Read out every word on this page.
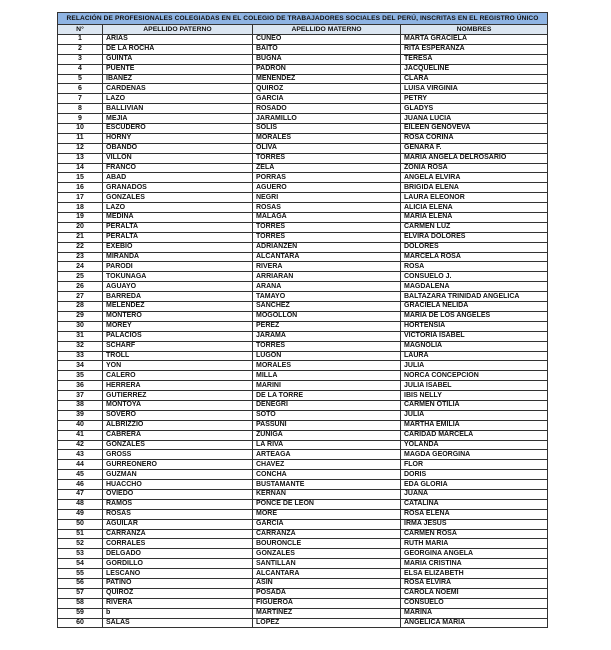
RELACIÓN DE PROFESIONALES COLEGIADAS EN EL COLEGIO DE TRABAJADORES SOCIALES DEL PERÚ, INSCRITAS EN EL REGISTRO ÚNICO			
N°	APELLIDO PATERNO	APELLIDO MATERNO	NOMBRES
1	ARIAS	CUNEO	MARTA GRACIELA
2	DE LA ROCHA	BAITO	RITA ESPERANZA
3	GUINTA	BUGNA	TERESA
4	PUENTE	PADRON	JACQUELINE
5	IBANEZ	MENENDEZ	CLARA
6	CARDENAS	QUIROZ	LUISA VIRGINIA
7	LAZO	GARCIA	PETRY
8	BALLIVIAN	ROSADO	GLADYS
9	MEJIA	JARAMILLO	JUANA LUCIA
10	ESCUDERO	SOLIS	EILEEN GENOVEVA
11	HORNY	MORALES	ROSA CORINA
12	OBANDO	OLIVA	GENARA F.
13	VILLON	TORRES	MARIA ANGELA DELROSARIO
14	FRANCO	ZELA	ZONIA ROSA
15	ABAD	PORRAS	ANGELA ELVIRA
16	GRANADOS	AGUERO	BRIGIDA ELENA
17	GONZALES	NEGRI	LAURA ELEONOR
18	LAZO	ROSAS	ALICIA ELENA
19	MEDINA	MALAGA	MARIA ELENA
20	PERALTA	TORRES	CARMEN LUZ
21	PERALTA	TORRES	ELVIRA DOLORES
22	EXEBIO	ADRIANZEN	DOLORES
23	MIRANDA	ALCANTARA	MARCELA ROSA
24	PARODI	RIVERA	ROSA
25	TOKUNAGA	ARRIARAN	CONSUELO J.
26	AGUAYO	ARANA	MAGDALENA
27	BARREDA	TAMAYO	BALTAZARA TRINIDAD ANGELICA
28	MELENDEZ	SANCHEZ	GRACIELA NELIDA
29	MONTERO	MOGOLLON	MARIA DE LOS ANGELES
30	MOREY	PEREZ	HORTENSIA
31	PALACIOS	JARAMA	VICTORIA ISABEL
32	SCHARF	TORRES	MAGNOLIA
33	TROLL	LUGON	LAURA
34	YON	MORALES	JULIA
35	CALERO	MILLA	NORCA CONCEPCION
36	HERRERA	MARINI	JULIA ISABEL
37	GUTIERREZ	DE LA TORRE	IBIS NELLY
38	MONTOYA	DENEGRI	CARMEN OTILIA
39	SOVERO	SOTO	JULIA
40	ALBRIZZIO	PASSUNI	MARTHA EMILIA
41	CABRERA	ZUNIGA	CARIDAD MARCELA
42	GONZALES	LA RIVA	YOLANDA
43	GROSS	ARTEAGA	MAGDA GEORGINA
44	GURREONERO	CHAVEZ	FLOR
45	GUZMAN	CONCHA	DORIS
46	HUACCHO	BUSTAMANTE	EDA GLORIA
47	OVIEDO	KERNAN	JUANA
48	RAMOS	PONCE DE LEON	CATALINA
49	ROSAS	MORE	ROSA ELENA
50	AGUILAR	GARCIA	IRMA JESUS
51	CARRANZA	CARRANZA	CARMEN ROSA
52	CORRALES	BOURONCLE	RUTH MARIA
53	DELGADO	GONZALES	GEORGINA ANGELA
54	GORDILLO	SANTILLAN	MARIA CRISTINA
55	LESCANO	ALCANTARA	ELSA ELIZABETH
56	PATIÑO	ASIN	ROSA ELVIRA
57	QUIROZ	POSADA	CAROLA NOEMI
58	RIVERA	FIGUEROA	CONSUELO
59	b	MARTINEZ	MARINA
60	SALAS	LOPEZ	ANGELICA MARIA
